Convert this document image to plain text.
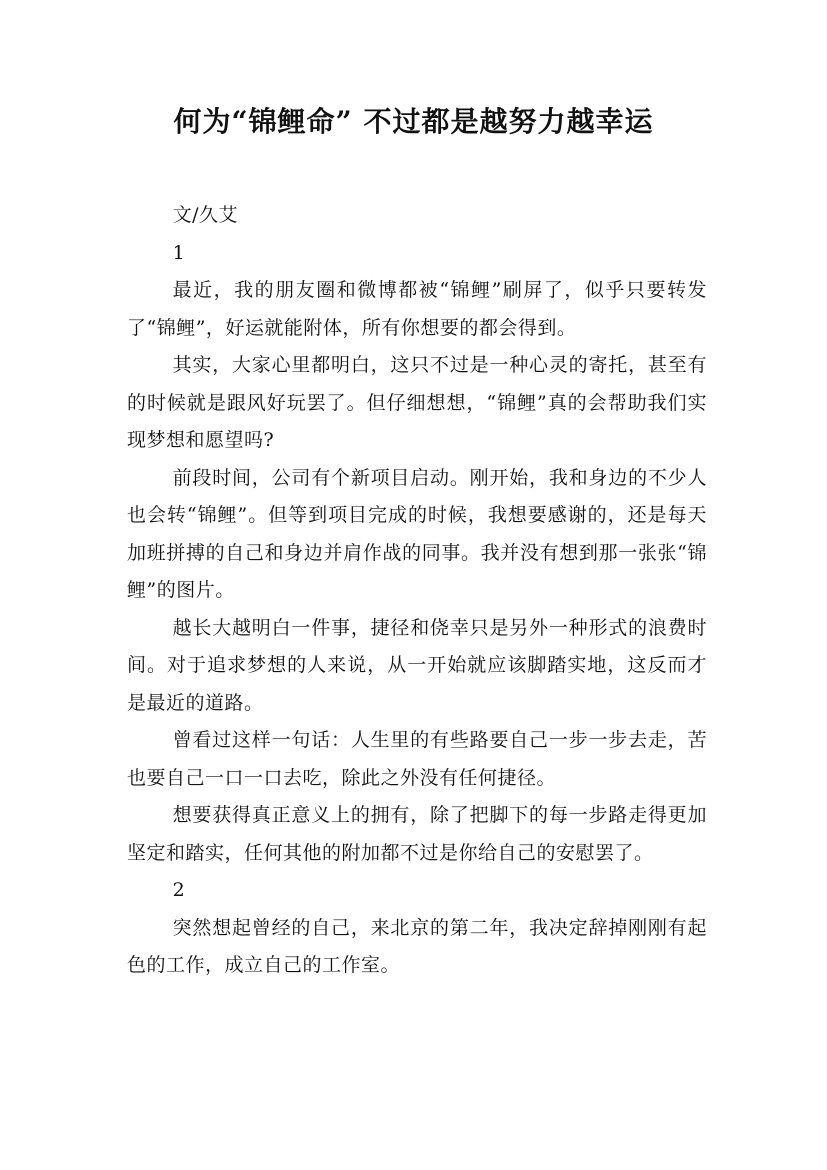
何为“锦鲤命” 不过都是越努力越幸运

文/久艾

1

最近，我的朋友圈和微博都被“锦鲤”刷屏了，似乎只要转发了“锦鲤”，好运就能附体，所有你想要的都会得到。

其实，大家心里都明白，这只不过是一种心灵的寄托，甚至有的时候就是跟风好玩罢了。但仔细想想，“锦鲤”真的会帮助我们实现梦想和愿望吗?

前段时间，公司有个新项目启动。刚开始，我和身边的不少人也会转“锦鲤”。但等到项目完成的时候，我想要感谢的，还是每天加班拼搏的自己和身边并肩作战的同事。我并没有想到那一张张“锦鲤”的图片。

越长大越明白一件事，捷径和侥幸只是另外一种形式的浪费时间。对于追求梦想的人来说，从一开始就应该脚踏实地，这反而才是最近的道路。

曾看过这样一句话：人生里的有些路要自己一步一步去走，苦也要自己一口一口去吃，除此之外没有任何捷径。

想要获得真正意义上的拥有，除了把脚下的每一步路走得更加坚定和踏实，任何其他的附加都不过是你给自己的安慰罢了。

2

突然想起曾经的自己，来北京的第二年，我决定辞掉刚刚有起色的工作，成立自己的工作室。
